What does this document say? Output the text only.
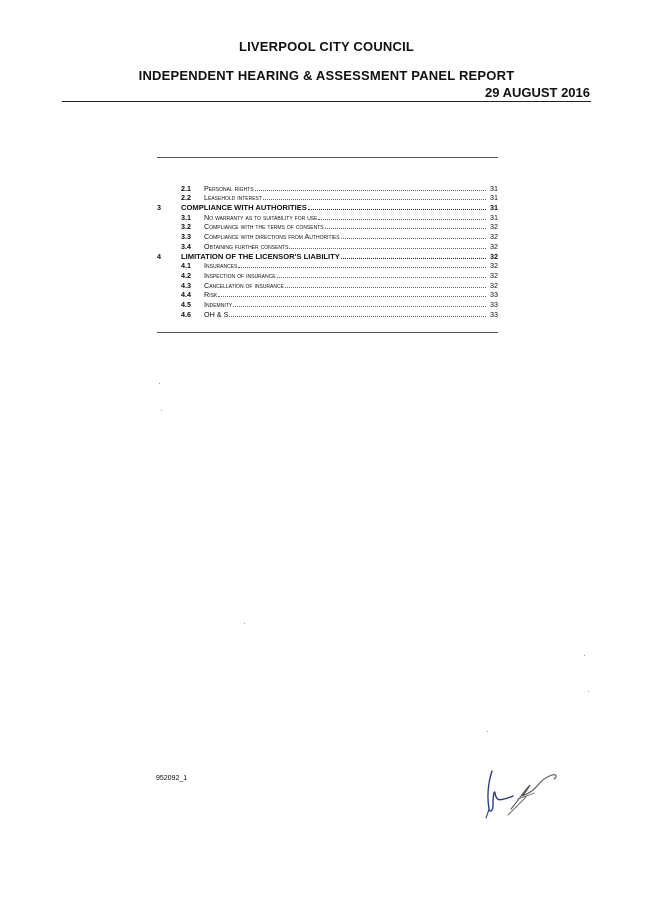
LIVERPOOL CITY COUNCIL
INDEPENDENT HEARING & ASSESSMENT PANEL REPORT
29 AUGUST 2016
2.1	Personal rights	31
2.2	Leasehold interest	31
3	COMPLIANCE WITH AUTHORITIES	31
3.1	No warranty as to suitability for use	31
3.2	Compliance with the terms of consents	32
3.3	Compliance with directions from Authorities	32
3.4	Obtaining further consents	32
4	LIMITATION OF THE LICENSOR'S LIABILITY	32
4.1	Insurances	32
4.2	Inspection of insurance	32
4.3	Cancellation of insurance	32
4.4	Risk	33
4.5	Indemnity	33
4.6	OH & S	33
952092_1
